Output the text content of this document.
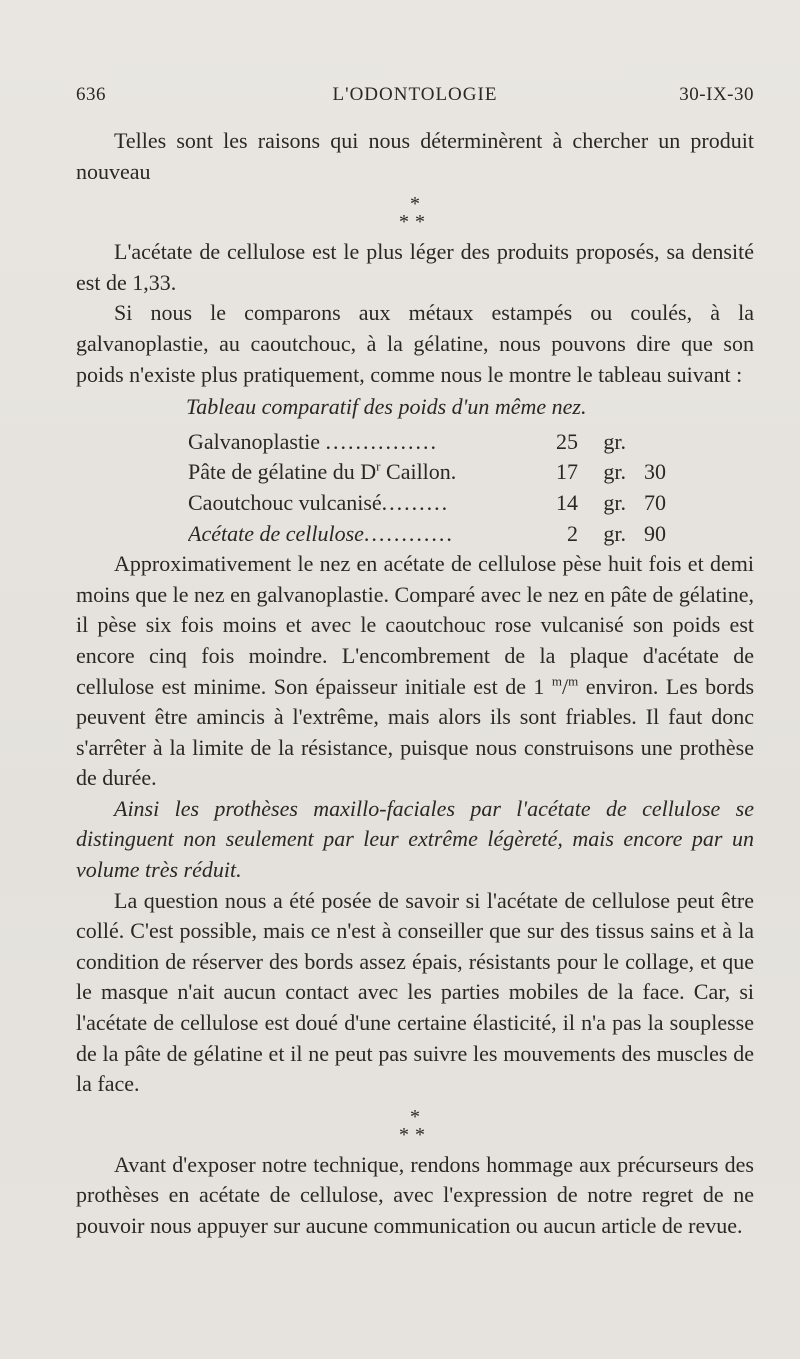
636	L'ODONTOLOGIE	30-IX-30

Telles sont les raisons qui nous déterminèrent à chercher un produit nouveau

*
**

L'acétate de cellulose est le plus léger des produits proposés, sa densité est de 1,33.

Si nous le comparons aux métaux estampés ou coulés, à la galvanoplastie, au caoutchouc, à la gélatine, nous pouvons dire que son poids n'existe plus pratiquement, comme nous le montre le tableau suivant :

Tableau comparatif des poids d'un même nez.
Galvanoplastie ...............	25	gr.
Pâte de gélatine du $D^r$ Caillon.	17	gr. 30
Caoutchouc vulcanisé.........	14	gr. 70
Acétate de cellulose............	2	gr. 90

Approximativement le nez en acétate de cellulose pèse huit fois et demi moins que le nez en galvanoplastie. Comparé avec le nez en pâte de gélatine, il pèse six fois moins et avec le caoutchouc rose vulcanisé son poids est encore cinq fois moindre. L'encombrement de la plaque d'acétate de cellulose est minime. Son épaisseur initiale est de 1 $^m$/$^m$ environ. Les bords peuvent être amincis à l'extrême, mais alors ils sont friables. Il faut donc s'arrêter à la limite de la résistance, puisque nous construisons une prothèse de durée.

Ainsi les prothèses maxillo-faciales par l'acétate de cellulose se distinguent non seulement par leur extrême légèreté, mais encore par un volume très réduit.

La question nous a été posée de savoir si l'acétate de cellulose peut être collé. C'est possible, mais ce n'est à conseiller que sur des tissus sains et à la condition de réserver des bords assez épais, résistants pour le collage, et que le masque n'ait aucun contact avec les parties mobiles de la face. Car, si l'acétate de cellulose est doué d'une certaine élasticité, il n'a pas la souplesse de la pâte de gélatine et il ne peut pas suivre les mouvements des muscles de la face.

*
**

Avant d'exposer notre technique, rendons hommage aux précurseurs des prothèses en acétate de cellulose, avec l'expression de notre regret de ne pouvoir nous appuyer sur aucune communication ou aucun article de revue.
